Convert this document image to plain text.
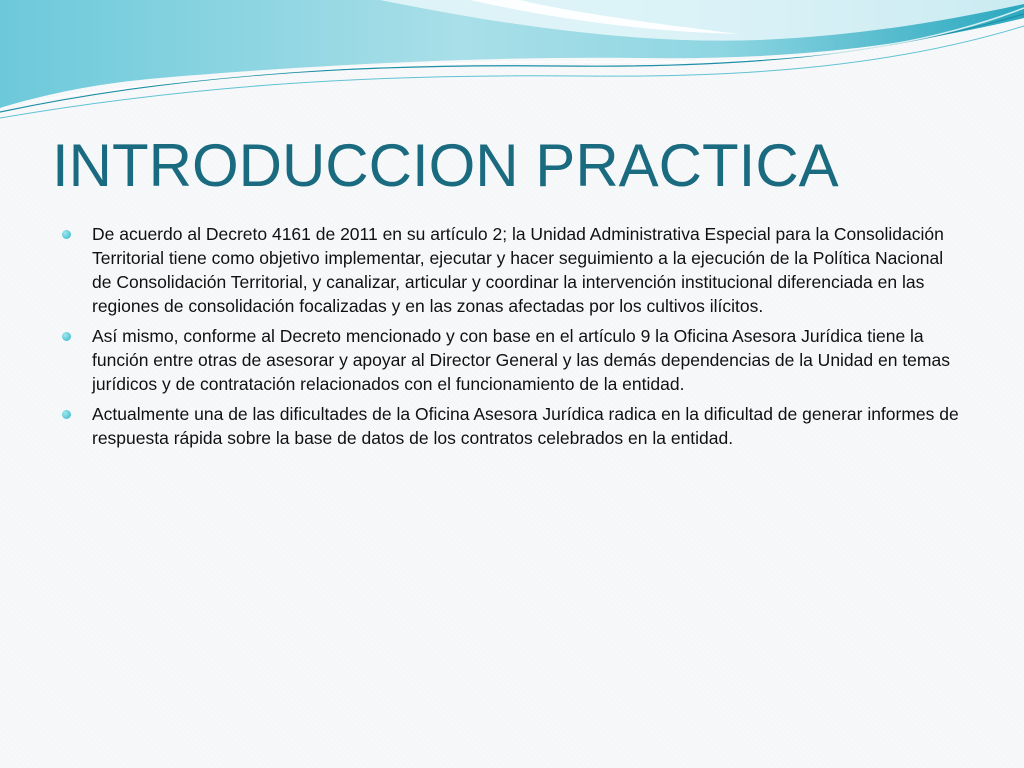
INTRODUCCION PRACTICA
De acuerdo al Decreto 4161 de 2011 en su artículo 2; la Unidad Administrativa Especial para la Consolidación Territorial tiene como objetivo implementar, ejecutar y hacer seguimiento a la ejecución de la Política Nacional de Consolidación Territorial, y canalizar, articular y coordinar la intervención institucional diferenciada en las regiones de consolidación focalizadas y en las zonas afectadas por los cultivos ilícitos.
Así mismo, conforme al Decreto mencionado y con base en el artículo 9 la Oficina Asesora Jurídica tiene la función entre otras de asesorar y apoyar al Director General y las demás dependencias de la Unidad en temas jurídicos y de contratación relacionados con el funcionamiento de la entidad.
Actualmente una de las dificultades de la Oficina Asesora Jurídica radica en la dificultad de generar informes de respuesta rápida sobre la base de datos de los contratos celebrados en la entidad.
